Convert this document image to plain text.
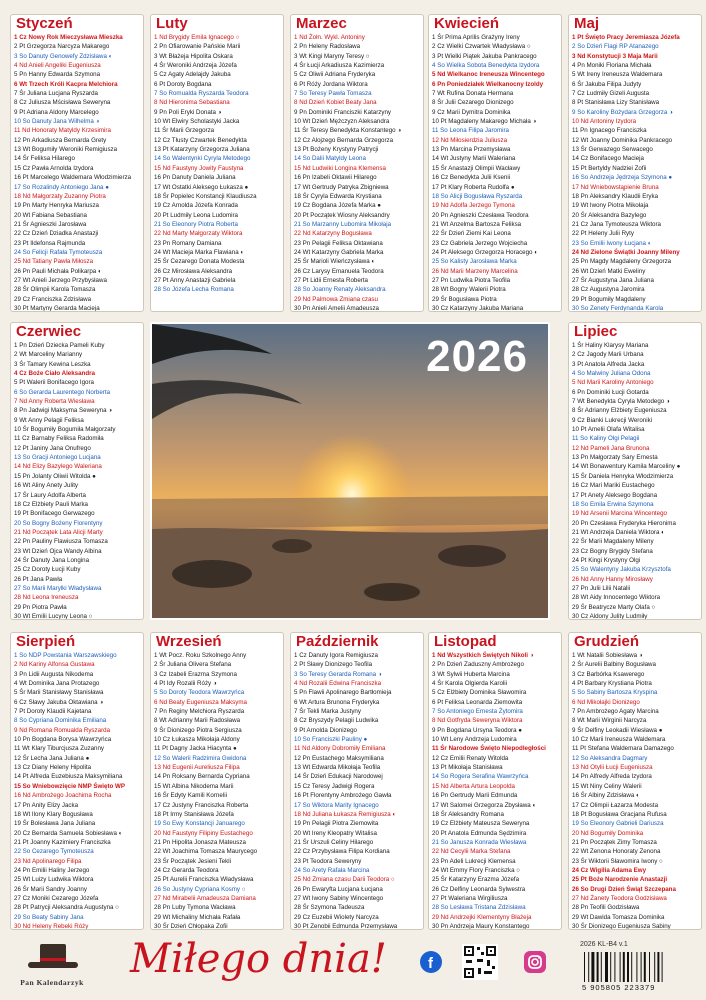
Styczeń
1 Cz Nowy Rok Mieczysława Mieszka
2 Pt Grzegorza Narcyza Makarego
3 So Danuty Genowefy Zdzisława ◐
4 Nd Anieli Angeliki Eugeniusza
5 Pn Hanny Edwarda Szymona
6 Wt Trzech Króli Kacpra Melchiora
7 Śr Juliana Lucjana Ryszarda
8 Cz Juliusza Mścisława Seweryna
9 Pt Adriana Aldony Marcelego
10 So Danuty Jana Wilhelma ◑
11 Nd Honoraty Matyldy Krzesimira
12 Pn Arkadiusza Bernarda Grety
13 Wt Bogumiły Weroniki Remigiusza
14 Śr Feliksa Hilarego
15 Cz Pawła Arnolda Izydora
16 Pt Marcelego Waldemara Włodzimierza
17 So Rozalindy Antoniego Jana ●
18 Nd Małgorzaty Zuzanny Piotra
19 Pn Marty Henryka Mariusza
20 Wt Fabiana Sebastiana
21 Śr Agnieszki Jarosława
22 Cz Dzień Dziadka Anastazji
23 Pt Ildefonsa Rajmunda
24 So Felicji Rafała Tymoteusza
25 Nd Tatiany Pawła Miłosza
26 Pn Pauli Michała Polikarpa ◐
27 Wt Anieli Jerzego Przybysława
28 Śr Olimpii Karola Tomasza
29 Cz Franciszka Zdzisława
30 Pt Martyny Gerarda Macieja
Luty
1 Nd Brygidy Emila Ignacego ○
2 Pn Ofiarowanie Pańskie Marii
3 Wt Błażeja Hipolita Oskara
4 Śr Weroniki Andrzeja Józefa
5 Cz Agaty Adelajdy Jakuba
6 Pt Doroty Bogdana
7 So Romualda Ryszarda Teodora
8 Nd Hieronima Sebastiana
9 Pn Poli Eryki Donata ◑
10 Wt Elwiry Scholastyki Jacka
11 Śr Marii Grzegorza
12 Cz Tłusty Czwartek Benedykta
13 Pt Katarzyny Grzegorza Juliana
14 So Walentynki Cyryla Metodego
15 Nd Faustyny Jowity Faustyna
16 Pn Danuty Daniela Juliana
17 Wt Ostatki Aleksego Łukasza ●
18 Śr Popielec Konstancji Klaudiusza
19 Cz Arnolda Józefa Konrada
20 Pt Ludmiły Leona Ludomira
21 So Eleonory Piotra Roberta
22 Nd Marty Małgorzaty Wiktora
23 Pn Romany Damiana
24 Wt Macieja Marka Flawiana ◐
25 Śr Cezarego Donata Modesta
26 Cz Mirosława Aleksandra
27 Pt Anny Anastazji Gabriela
28 So Józefa Lecha Romana
Marzec
1 Nd Żołn. Wykl. Antoniny
2 Pn Heleny Radosława
3 Wt Kingi Maryny Teresy ○
4 Śr Łucji Arkadiusza Kazimierza
5 Cz Oliwii Adriana Fryderyka
6 Pt Róży Jordana Wiktora
7 So Teresy Pawła Tomasza
8 Nd Dzień Kobiet Beaty Jana
9 Pn Dominiki Franciszki Katarzyny
10 Wt Dzień Mężczyzn Aleksandra
11 Śr Teresy Benedykta Konstantego ◑
12 Cz Alojzego Bernarda Grzegorza
13 Pt Bożeny Krystyny Patrycji
14 So Dalii Matyldy Leona
15 Nd Ludwiki Longina Klemensa
16 Pn Izabeli Oktawii Hilarego
17 Wt Gertrudy Patryka Zbigniewa
18 Śr Cyryla Edwarda Krystiana
19 Cz Bogdana Józefa Marka ●
20 Pt Początek Wiosny Aleksandry
21 So Marzanny Lubomira Mikołaja
22 Nd Katarzyny Bogusława
23 Pn Pelagii Feliksa Oktawiana
24 Wt Katarzyny Gabriela Marka
25 Śr Marioli Wieńczysława ◐
26 Cz Larysy Emanuela Teodora
27 Pt Lidii Ernesta Roberta
28 So Joanny Renaty Aleksandra
29 Nd Palmowa Zmiana czasu
30 Pn Anieli Amelii Amadeusza
Kwiecień
1 Śr Prima Aprilis Grażyny Ireny
2 Cz Wielki Czwartek Władysława ○
3 Pt Wielki Piątek Jakuba Pankracego
4 So Wielka Sobota Benedykta Izydora
5 Nd Wielkanoc Ireneusza Wincentego
6 Pn Poniedziałek Wielkanocny Izoldy
7 Wt Rufina Donata Hermana
8 Śr Julii Cezarego Dionizego
9 Cz Marii Dymitra Dominika
10 Pt Magdaleny Makarego Michała ◑
11 So Leona Filipa Jaromira
12 Nd Miłosierdzia Juliusza
13 Pn Marcina Przemysława
14 Wt Justyny Marii Waleriana
15 Śr Anastazji Olimpii Wacławy
16 Cz Benedykta Julii Ksenii
17 Pt Klary Roberta Rudolfa ●
18 So Alicji Bogusława Ryszarda
19 Nd Adolfa Jerzego Tymona
20 Pn Agnieszki Czesława Teodora
21 Wt Anzelma Bartosza Feliksa
22 Śr Dzień Ziemi Kai Leona
23 Cz Gabriela Jerzego Wojciecha
24 Pt Aleksego Grzegorza Horacego ◐
25 So Kalisty Jarosława Marka
26 Nd Marii Marzeny Marcelina
27 Pn Ludwika Piotra Teofila
28 Wt Bogny Walerii Piotra
29 Śr Bogusława Piotra
30 Cz Katarzyny Jakuba Mariana
Maj
1 Pt Święto Pracy Jeremiasza Józefa
2 So Dzień Flagi RP Atanazego
3 Nd Konstytucji 3 Maja Marii
4 Pn Moniki Floriana Michała
5 Wt Ireny Ireneusza Waldemara
6 Śr Jakuba Filipa Judyty
7 Cz Ludmiły Gizeli Augusta
8 Pt Stanisława Lizy Stanisława
9 So Karoliny Bożydara Grzegorza ◑
10 Nd Antoniny Izydora
11 Pn Ignacego Franciszka
12 Wt Joanny Dominika Pankracego
13 Śr Gerwazego Serwacego
14 Cz Bonifacego Macieja
15 Pt Bertyldy Nadziei Zofii
16 So Andrzeja Jędrzeja Szymona ●
17 Nd Wniebowstąpienie Bruna
18 Pn Aleksandry Klaudii Eryka
19 Wt Iwony Piotra Mikołaja
20 Śr Aleksandra Bazylego
21 Cz Jana Tymoteusza Wiktora
22 Pt Heleny Julii Ryty
23 So Emilii Iwony Łucjana ◐
24 Nd Zielone Świątki Joanny Mileny
25 Pn Magdy Magdaleny Grzegorza
26 Wt Dzień Matki Eweliny
27 Śr Augustyna Jana Juliana
28 Cz Augustyna Jaromira
29 Pt Bogumiły Magdaleny
30 So Zenety Ferdynanda Karola
Czerwiec
1 Pn Dzień Dziecka Pameli Kuby
2 Wt Marceliny Marianny
3 Śr Tamary Kewina Leszka
4 Cz Boże Ciało Aleksandra
5 Pt Walerii Bonifacego Igora
6 So Gerarda Laurentego Norberta
7 Nd Anny Roberta Wiesława
8 Pn Jadwigi Maksyma Seweryna ◑
9 Wt Anny Pelagii Feliksa
10 Śr Bogumiły Bogumiła Małgorzaty
11 Cz Barnaby Feliksa Radomiła
12 Pt Janiny Jana Onufrego
13 So Gracji Antoniego Lucjana
14 Nd Elizy Bazylego Waleriana
15 Pn Jolanty Oliwii Witolda ●
16 Wt Aliny Anety Julity
17 Śr Laury Adolfa Alberta
18 Cz Elżbiety Pauli Marka
19 Pt Bonifacego Gerwazego
20 So Bogny Bożeny Florentyny
21 Nd Początek Lata Alicji Marty
22 Pn Pauliny Flawiusza Tomasza
23 Wt Dzień Ojca Wandy Albina
24 Śr Danuty Jana Longina
25 Cz Doroty Łucji Kuby
26 Pt Jana Pawła
27 So Marii Marylki Władysława
28 Nd Leona Ireneusza
29 Pn Piotra Pawła
30 Wt Emilii Lucyny Leona ○
Lipiec
1 Śr Haliny Klarysy Mariana
2 Cz Jagody Marii Urbana
3 Pt Anatola Alfreda Jacka
4 So Malwiny Juliana Odona
5 Nd Marii Karoliny Antoniego
6 Pn Dominiki Łucji Gotarda
7 Wt Benedykta Cyryla Metodego ◑
8 Śr Adrianny Elżbiety Eugeniusza
9 Cz Bianki Lukrecji Weroniki
10 Pt Amelii Olafa Witalisa
11 So Kaliny Olgi Pelagii
12 Nd Pameli Jana Brunona
13 Pn Małgorzaty Sary Ernesta
14 Wt Bonawentury Kamila Marceliny ●
15 Śr Daniela Henryka Włodzimierza
16 Cz Mari Mariki Eustachego
17 Pt Anety Aleksego Bogdana
18 So Emila Erwina Szymona
19 Nd Arsenii Marcina Wincentego
20 Pn Czesława Fryderyka Hieronima
21 Wt Andrzeja Daniela Wiktora ◐
22 Śr Marii Magdaleny Mileny
23 Cz Bogny Brygidy Stefana
24 Pt Kingi Krystyny Olgi
25 So Walentyny Jakuba Krzysztofa
26 Nd Anny Hanny Mirosławy
27 Pn Julii Lilii Natalii
28 Wt Aidy Innocentego Wiktora
29 Śr Beatrycze Marty Olafa ○
30 Cz Aldony Julity Ludmiły
Sierpień
1 So NDP Powstania Warszawskiego
2 Nd Kariny Alfonsa Gustawa
3 Pn Lidii Augusta Nikodema
4 Wt Dominika Jana Protazego
5 Śr Marii Stanisławy Stanisława
6 Cz Sławy Jakuba Oktawiana ◑
7 Pt Doroty Klaudii Kajetana
8 So Cypriana Dominika Emiliana
9 Nd Romana Romualda Ryszarda
10 Pn Bogdana Borysa Wawrzyńca
11 Wt Klary Tiburcjusza Zuzanny
12 Śr Lecha Jana Juliana ●
13 Cz Diany Heleny Hipolita
14 Pt Alfreda Euzebiusza Maksymiliana
15 So Wniebowzięcie NMP Święto WP
16 Nd Ambrożego Joachima Rocha
17 Pn Anity Elizy Jacka
18 Wt Ilony Klary Bogusława
19 Śr Bolesława Jana Juliana
20 Cz Bernarda Samuela Sobiesława ◐
21 Pt Joanny Kazimiery Franciszka
22 So Cezarego Tymoteusza
23 Nd Apolinarego Filipa
24 Pn Emilii Haliny Jerzego
25 Wt Luizy Ludwika Wiktora
26 Śr Marii Sandry Joanny
27 Cz Moniki Cezarego Józefa
28 Pt Patrycji Aleksandra Augustyna ○
29 So Beaty Sabiny Jana
30 Nd Heleny Rebeki Róży
Wrzesień
1 Wt Pocz. Roku Szkolnego Anny
2 Śr Juliana Olivera Stefana
3 Cz Izabeli Erazma Szymona
4 Pt Idy Rozalii Róży ◑
5 So Doroty Teodora Wawrzyńca
6 Nd Beaty Eugeniusza Maksyma
7 Pn Reginy Melchiora Ryszarda
8 Wt Adrianny Marii Radosława
9 Śr Dionizego Piotra Sergiusza
10 Cz Łukasza Mikołaja Aldony
11 Pt Dagny Jacka Hiacynta ●
12 So Walerii Radzimira Gwidona
13 Nd Eugenii Aureliusza Filipa
14 Pn Roksany Bernarda Cypriana
15 Wt Albina Nikodema Marii
16 Śr Edyty Kamili Kornelii
17 Cz Justyny Franciszka Roberta
18 Pt Irmy Stanisława Józefa
19 So Ewy Konstancji Januarego
20 Nd Faustyny Filipiny Eustachego
21 Pn Hipolita Jonasza Mateusza
22 Wt Joachima Tomasza Maurycego
23 Śr Początek Jesieni Tekli
24 Cz Gerarda Teodora
25 Pt Aurelii Franciszka Władysława
26 So Justyny Cypriana Kosmy ○
27 Nd Mirabelii Amadeusza Damiana
28 Pn Luby Tymona Wacława
29 Wt Michaliny Michała Rafała
30 Śr Dzień Chłopaka Zofii
Październik
1 Cz Danuty Igora Remigiusza
2 Pt Sławy Dionizego Teofila
3 So Teresy Gerarda Romana ◑
4 Nd Rozalii Edwina Franciszka
5 Pn Flawii Apolinarego Bartłomieja
6 Wt Artura Brunona Fryderyka
7 Śr Tekli Marka Justyny
8 Cz Bryszydy Pelagii Ludwika
9 Pt Arnolda Dionizego
10 So Franciszki Pauliny ●
11 Nd Aldony Dobromiły Emiliana
12 Pn Eustachego Maksymiliana
13 Wt Edwarda Mikołaja Teofila
14 Śr Dzień Edukacji Narodowej
15 Cz Teresy Jadwigi Rogera
16 Pt Florentyny Ambrożego Gawła
17 So Wiktora Marity Ignacego
18 Nd Juliana Łukasza Remigiusza ◐
19 Pn Pelagii Piotra Ziemowita
20 Wt Ireny Kleopatry Witalisa
21 Śr Urszuli Celiny Hilarego
22 Cz Przybysława Filipa Kordiana
23 Pt Teodora Seweryny
24 So Arety Rafała Marcina
25 Nd Zmiana czasu Darii Teodora ○
26 Pn Ewaryfta Lucjana Łucjana
27 Wt Iwony Sabiny Wincentego
28 Śr Szymona Tadeusza
29 Cz Euzebii Wiolety Narcyza
30 Pt Zenobii Edmunda Przemysława
Listopad
1 Nd Wszystkich Świętych Nikoli ◑
2 Pn Dzień Zaduszny Ambrożego
3 Wt Sylwii Huberta Marcina
4 Śr Karola Olgierda Karolii
5 Cz Elżbiety Dominika Sławomira
6 Pt Feliksa Leonarda Ziemowita
7 So Antoniego Ernesta Żytomira
8 Nd Gotfryda Seweryna Wiktora
9 Pn Bogdana Ursyna Teodora ●
10 Wt Leny Andrzeja Ludomira
11 Śr Narodowe Święto Niepodległości
12 Cz Emilii Renaty Witolda
13 Pt Mikołaja Stanisława
14 So Rogera Serafina Wawrzyńca
15 Nd Alberta Artura Leopolda
16 Pn Gertrudy Marii Edmunda
17 Wt Salomei Grzegorza Zbysława ◐
18 Śr Aleksandry Romana
19 Cz Elżbiety Mateusza Seweryna
20 Pt Anatola Edmunda Sędzimira
21 So Janusza Konrada Wiesława
22 Nd Cecylii Marka Stefana
23 Pn Adeli Lukrecji Klemensa
24 Wt Emmy Flory Franciszka ○
25 Śr Katarzyny Erazma Józefa
26 Cz Delfiny Leonarda Sylwestra
27 Pt Waleriana Wirgiliusza
28 So Lesława Tristana Zdzisława
29 Nd Andrzejki Klementyny Błażeja
30 Pn Andrzeja Maury Konstantego
Grudzień
1 Wt Natalii Sobiesława ◑
2 Śr Aurelii Balbiny Bogusława
3 Cz Barbórka Ksawerego
4 Pt Barbary Krystiana Piotra
5 So Sabiny Bartosza Kryspina
6 Nd Mikołajki Dionizego
7 Pn Ambrożego Agaty Marcina
8 Wt Marii Wirginii Narcyza
9 Śr Delfiny Leokadii Wiesława ●
10 Cz Marii Ireneusza Waldemara
11 Pt Stefana Waldemara Damazego
12 So Aleksandra Dagmary
13 Nd Otylii Łucji Eugeniusza
14 Pn Alfredy Alfreda Izydora
15 Wt Niny Celiny Walerii
16 Śr Albiny Zdzisława ◐
17 Cz Olimpii Łazarza Modesta
18 Pt Bogusława Gracjana Rufusa
19 So Eleonory Gabrieli Dariusza
20 Nd Bogumiły Dominika
21 Pn Początek Zimy Tomasza
22 Wt Zenona Honoraty Zenona
23 Śr Wiktorii Sławomira Iwony ○
24 Cz Wigilia Adama Ewy
25 Pt Boże Narodzenie Anastazji
26 So Drugi Dzień Świąt Szczepana
27 Nd Żanety Teodora Godzisława
28 Pn Teofili Godzisława
29 Wt Dawida Tomasza Dominika
30 Śr Dionizego Eugeniusza Sabiny
2026
Pan Kalendarzyk
Miłego dnia!	f
2026 KL-B4 v.1
5 905805 223379
